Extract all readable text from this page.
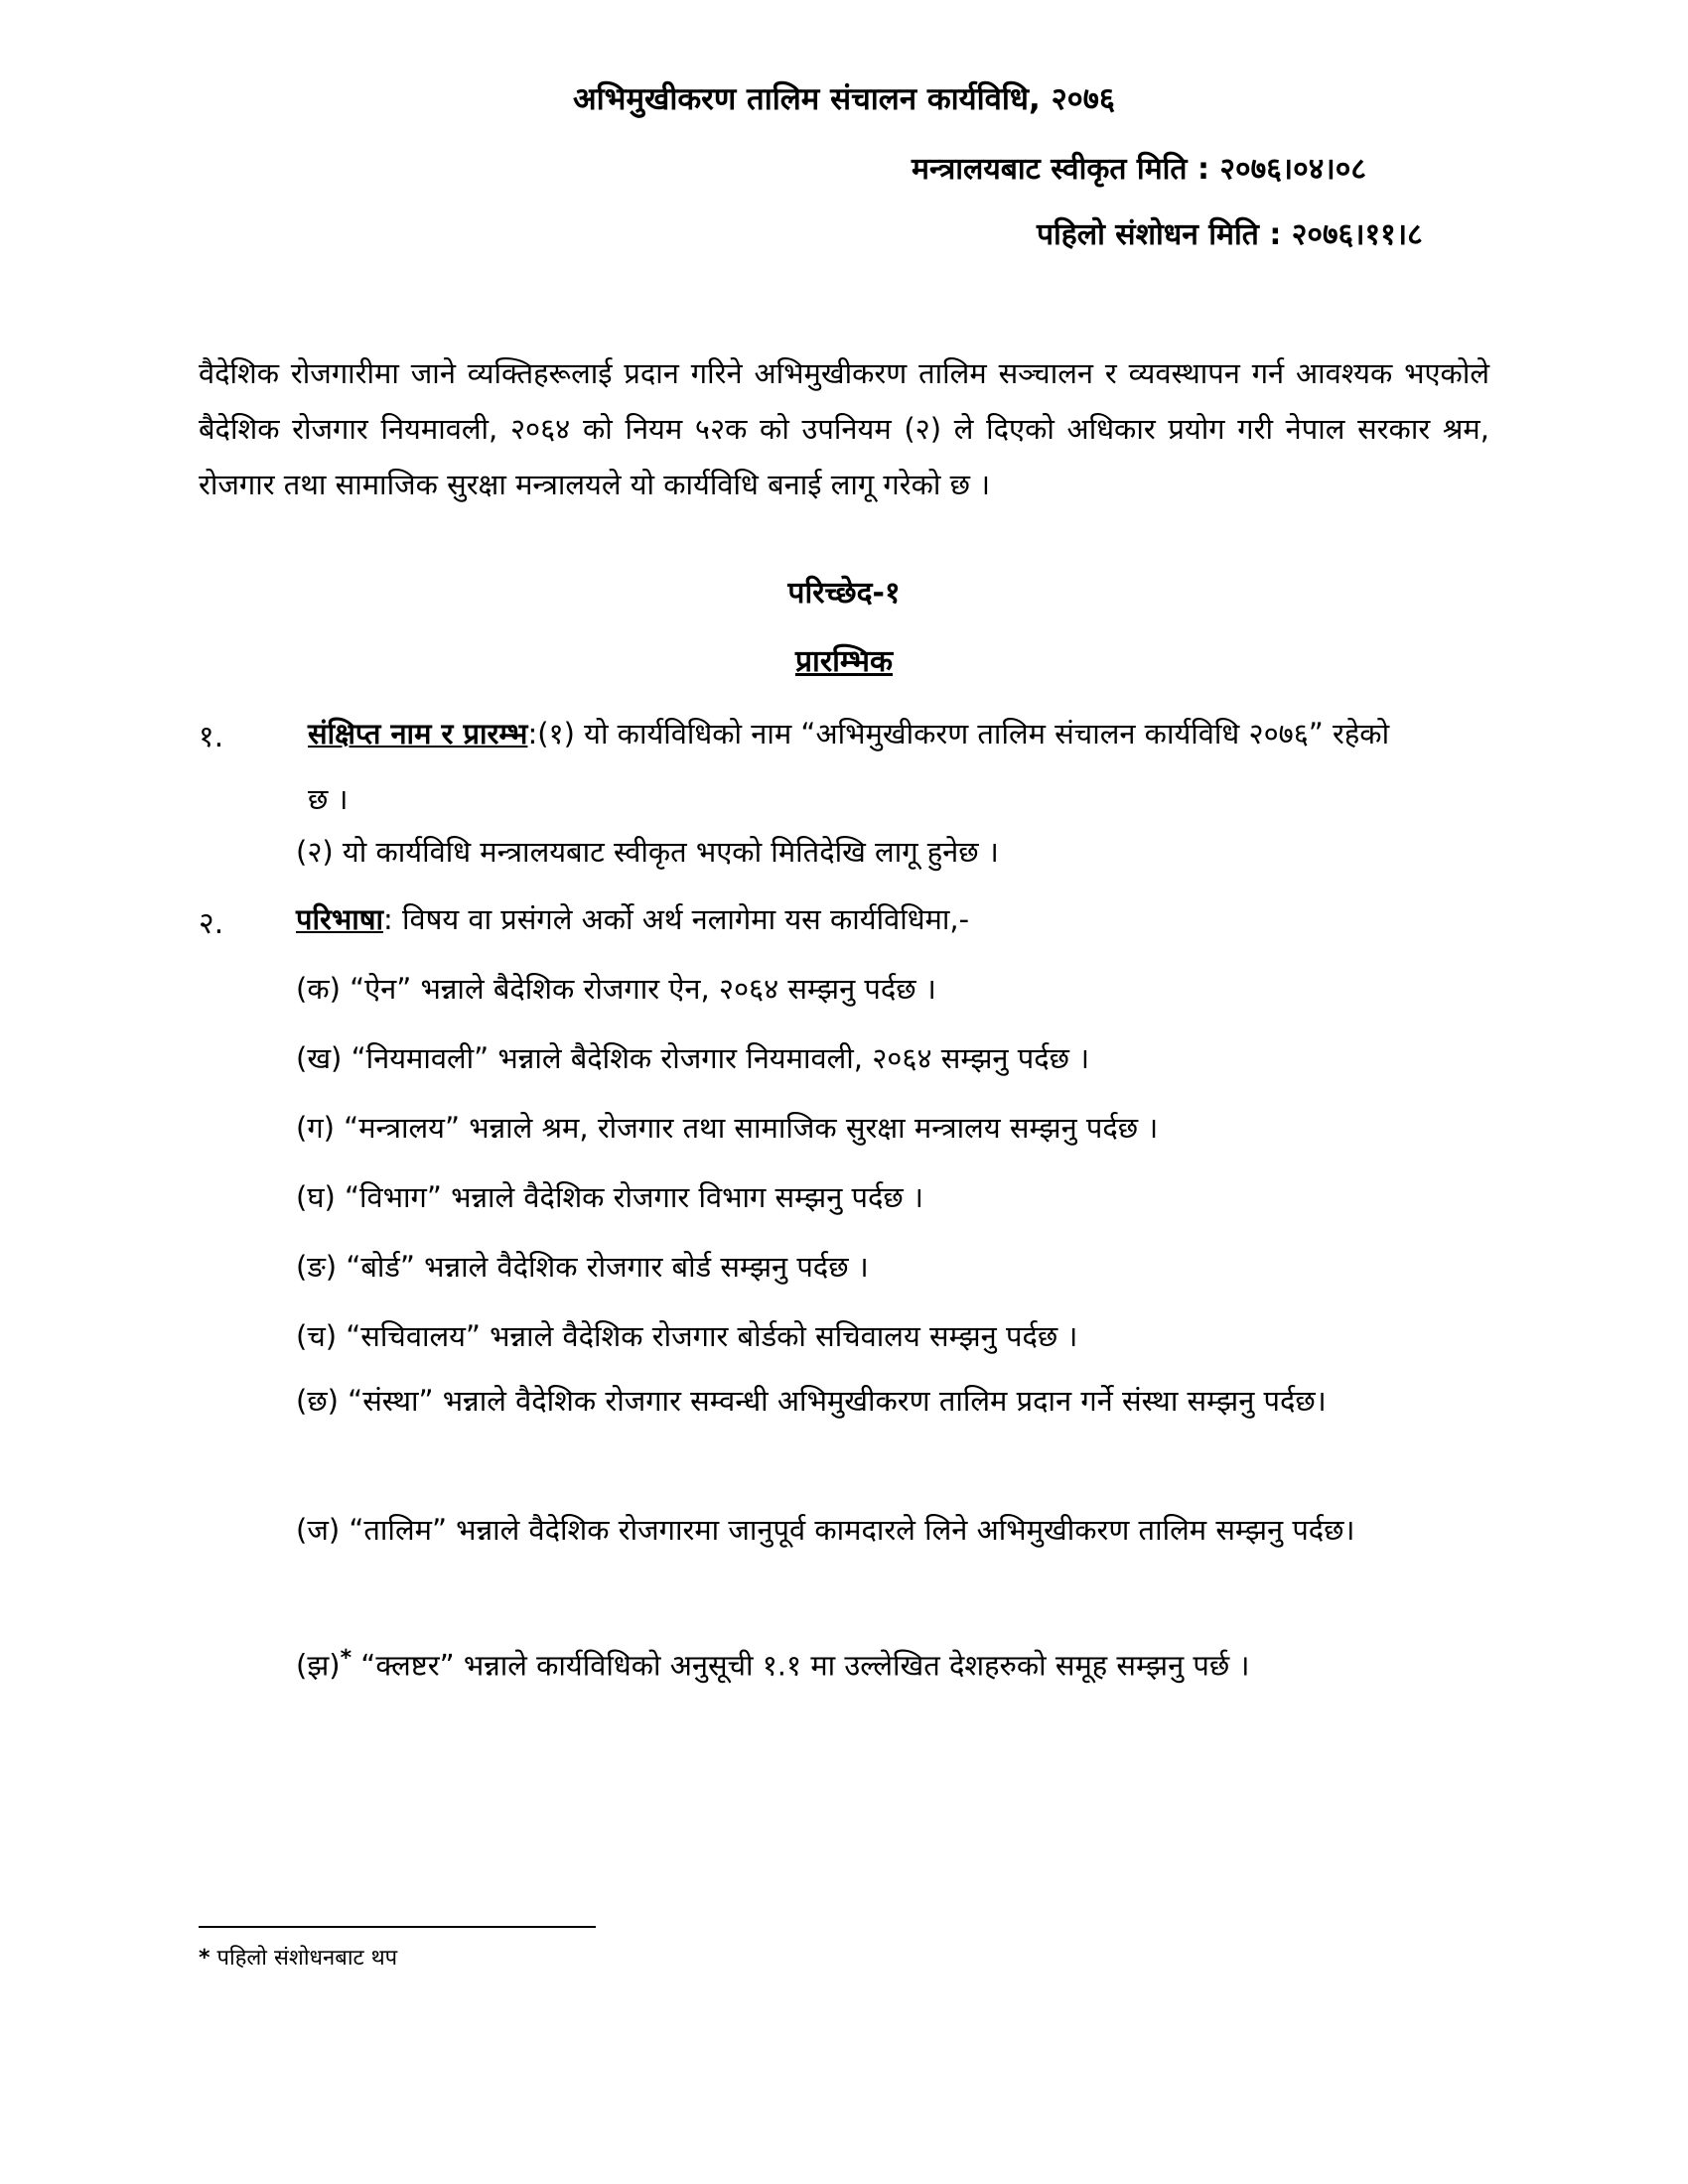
अभिमुखीकरण तालिम संचालन कार्यविधि, २०७६
मन्त्रालयबाट स्वीकृत मिति : २०७६।०४।०८
पहिलो संशोधन मिति : २०७६।११।८
वैदेशिक रोजगारीमा जाने व्यक्तिहरूलाई प्रदान गरिने अभिमुखीकरण तालिम सञ्चालन र व्यवस्थापन गर्न आवश्यक भएकोले बैदेशिक रोजगार नियमावली, २०६४ को नियम ५२क को उपनियम (२) ले दिएको अधिकार प्रयोग गरी नेपाल सरकार श्रम, रोजगार तथा सामाजिक सुरक्षा मन्त्रालयले यो कार्यविधि बनाई लागू गरेको छ ।
परिच्छेद-१
प्रारम्भिक
१.	संक्षिप्त नाम र प्रारम्भ:(१) यो कार्यविधिको नाम “अभिमुखीकरण तालिम संचालन कार्यविधि २०७६” रहेको छ ।
(२) यो कार्यविधि मन्त्रालयबाट स्वीकृत भएको मितिदेखि लागू हुनेछ ।
२.	परिभाषा: विषय वा प्रसंगले अर्को अर्थ नलागेमा यस कार्यविधिमा,-
(क) “ऐन” भन्नाले बैदेशिक रोजगार ऐन, २०६४ सम्झनु पर्दछ ।
(ख) “नियमावली” भन्नाले बैदेशिक रोजगार नियमावली, २०६४ सम्झनु पर्दछ ।
(ग) “मन्त्रालय” भन्नाले श्रम, रोजगार तथा सामाजिक सुरक्षा मन्त्रालय सम्झनु पर्दछ ।
(घ) “विभाग” भन्नाले वैदेशिक रोजगार विभाग सम्झनु पर्दछ ।
(ङ) “बोर्ड” भन्नाले वैदेशिक रोजगार बोर्ड सम्झनु पर्दछ ।
(च) “सचिवालय” भन्नाले वैदेशिक रोजगार बोर्डको सचिवालय सम्झनु पर्दछ ।
(छ) “संस्था” भन्नाले वैदेशिक रोजगार सम्वन्धी अभिमुखीकरण तालिम प्रदान गर्ने संस्था सम्झनु पर्दछ।
(ज) “तालिम” भन्नाले वैदेशिक रोजगारमा जानुपूर्व कामदारले लिने अभिमुखीकरण तालिम सम्झनु पर्दछ।
(झ)* “क्लष्टर” भन्नाले कार्यविधिको अनुसूची १.१ मा उल्लेखित देशहरुको समूह सम्झनु पर्छ ।
* पहिलो संशोधनबाट थप
